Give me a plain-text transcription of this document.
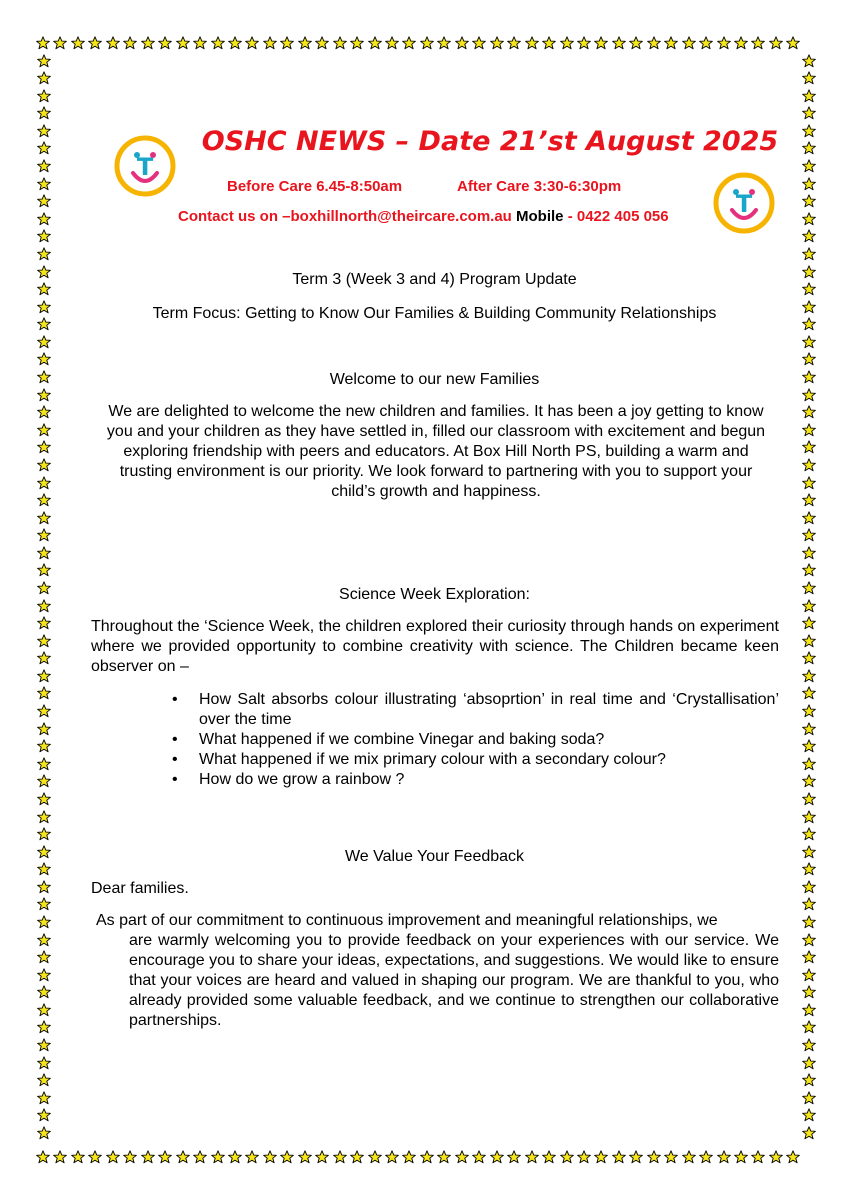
T
T
OSHC NEWS – Date 21’st August 2025
Before Care 6.45-8:50am	After Care 3:30-6:30pm
Contact us on –boxhillnorth@theircare.com.au Mobile - 0422 405 056
Term 3 (Week 3 and 4) Program Update
Term Focus: Getting to Know Our Families & Building Community Relationships
Welcome to our new Families
We are delighted to welcome the new children and families. It has been a joy getting to know you and your children as they have settled in, filled our classroom with excitement and begun exploring friendship with peers and educators. At Box Hill North PS, building a warm and trusting environment is our priority. We look forward to partnering with you to support your child’s growth and happiness.
Science Week Exploration:
Throughout the ‘Science Week, the children explored their curiosity through hands on experiment where we provided opportunity to combine creativity with science. The Children became keen observer on –
• How Salt absorbs colour illustrating ‘absoprtion’ in real time and ‘Crystallisation’ over the time
• What happened if we combine Vinegar and baking soda?
• What happened if we mix primary colour with a secondary colour?
• How do we grow a rainbow ?
We Value Your Feedback
Dear families.
As part of our commitment to continuous improvement and meaningful relationships, we
are warmly welcoming you to provide feedback on your experiences with our service. We encourage you to share your ideas, expectations, and suggestions. We would like to ensure that your voices are heard and valued in shaping our program. We are thankful to you, who already provided some valuable feedback, and we continue to strengthen our collaborative partnerships.
